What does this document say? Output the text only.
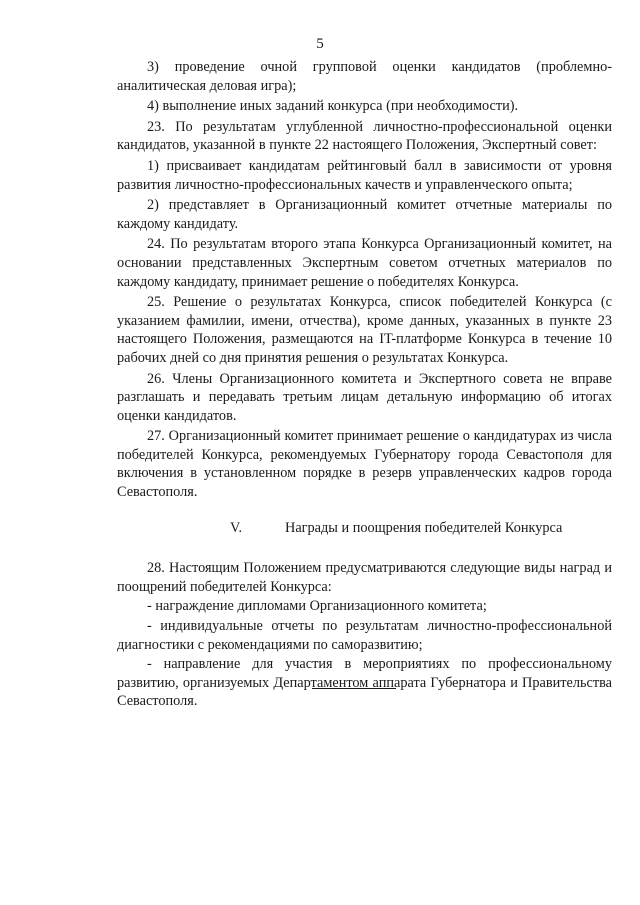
5

3) проведение очной групповой оценки кандидатов (проблемно-аналитическая деловая игра);

4) выполнение иных заданий конкурса (при необходимости).

23. По результатам углубленной личностно-профессиональной оценки кандидатов, указанной в пункте 22 настоящего Положения, Экспертный совет:

1) присваивает кандидатам рейтинговый балл в зависимости от уровня развития личностно-профессиональных качеств и управленческого опыта;

2) представляет в Организационный комитет отчетные материалы по каждому кандидату.

24. По результатам второго этапа Конкурса Организационный комитет, на основании представленных Экспертным советом отчетных материалов по каждому кандидату, принимает решение о победителях Конкурса.

25. Решение о результатах Конкурса, список победителей Конкурса (с указанием фамилии, имени, отчества), кроме данных, указанных в пункте 23 настоящего Положения, размещаются на IT-платформе Конкурса в течение 10 рабочих дней со дня принятия решения о результатах Конкурса.

26. Члены Организационного комитета и Экспертного совета не вправе разглашать и передавать третьим лицам детальную информацию об итогах оценки кандидатов.

27. Организационный комитет принимает решение о кандидатурах из числа победителей Конкурса, рекомендуемых Губернатору города Севастополя для включения в установленном порядке в резерв управленческих кадров города Севастополя.

V.	Награды и поощрения победителей Конкурса

28. Настоящим Положением предусматриваются следующие виды наград и поощрений победителей Конкурса:

- награждение дипломами Организационного комитета;

- индивидуальные отчеты по результатам личностно-профессиональной диагностики с рекомендациями по саморазвитию;

- направление для участия в мероприятиях по профессиональному развитию, организуемых Департаментом аппарата Губернатора и Правительства Севастополя.
